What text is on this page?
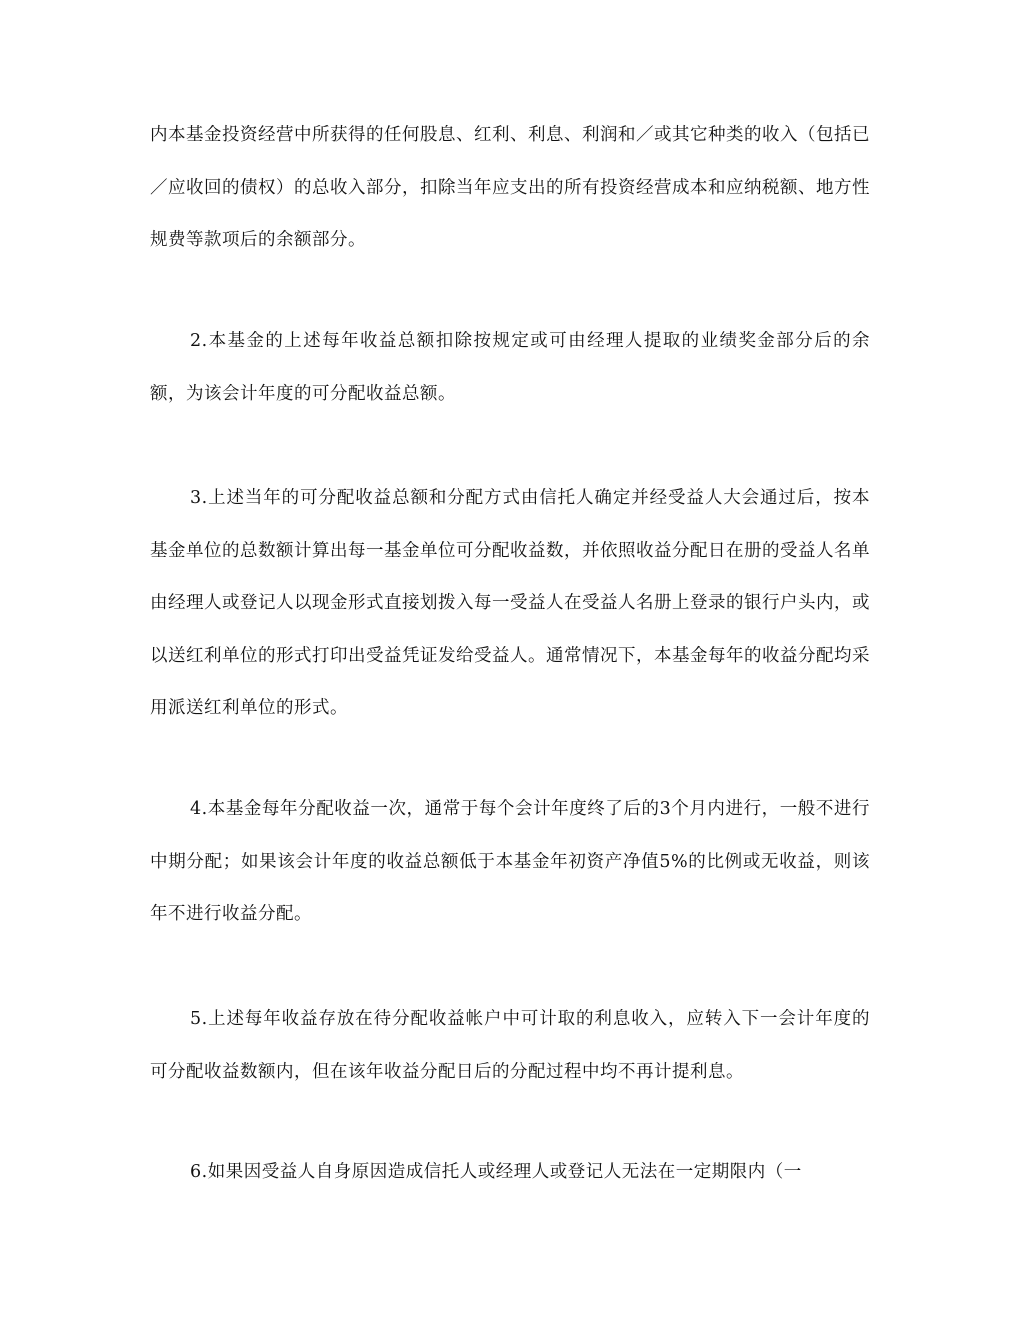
内本基金投资经营中所获得的任何股息、红利、利息、利润和／或其它种类的收入（包括已／应收回的债权）的总收入部分，扣除当年应支出的所有投资经营成本和应纳税额、地方性规费等款项后的余额部分。

2.本基金的上述每年收益总额扣除按规定或可由经理人提取的业绩奖金部分后的余额，为该会计年度的可分配收益总额。

3.上述当年的可分配收益总额和分配方式由信托人确定并经受益人大会通过后，按本基金单位的总数额计算出每一基金单位可分配收益数，并依照收益分配日在册的受益人名单由经理人或登记人以现金形式直接划拨入每一受益人在受益人名册上登录的银行户头内，或以送红利单位的形式打印出受益凭证发给受益人。通常情况下，本基金每年的收益分配均采用派送红利单位的形式。

4.本基金每年分配收益一次，通常于每个会计年度终了后的3个月内进行，一般不进行中期分配；如果该会计年度的收益总额低于本基金年初资产净值5%的比例或无收益，则该年不进行收益分配。

5.上述每年收益存放在待分配收益帐户中可计取的利息收入，应转入下一会计年度的可分配收益数额内，但在该年收益分配日后的分配过程中均不再计提利息。

6.如果因受益人自身原因造成信托人或经理人或登记人无法在一定期限内（一
